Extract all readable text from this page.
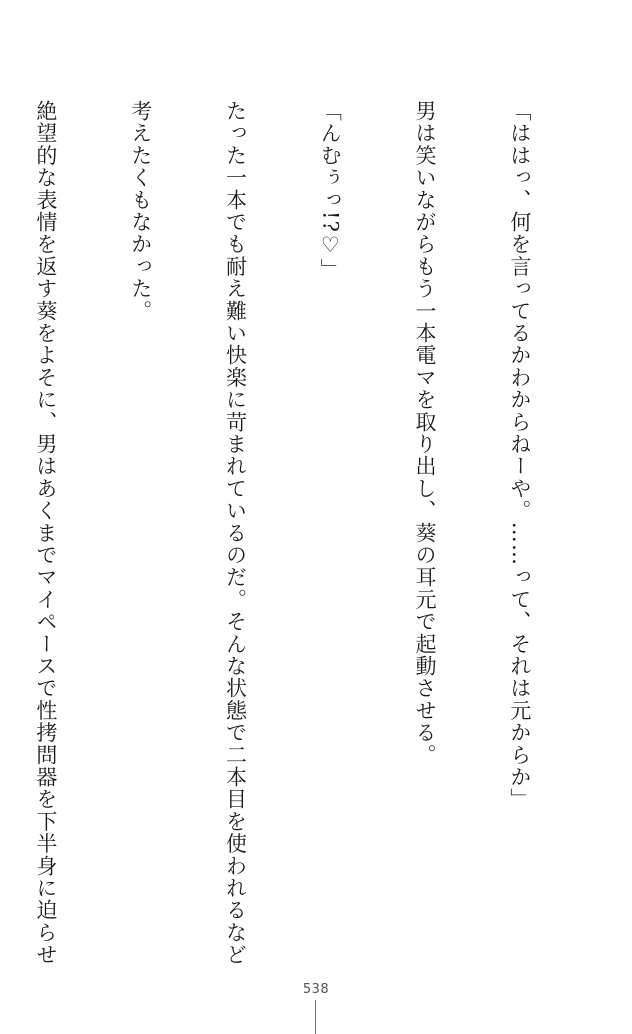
「ははっ、何を言ってるかわからねーや。……って、それは元からか」

男は笑いながらもう一本電マを取り出し、葵の耳元で起動させる。

「んむぅっ!?♡」

たった一本でも耐え難い快楽に苛まれているのだ。そんな状態で二本目を使われるなど

考えたくもなかった。

絶望的な表情を返す葵をよそに、男はあくまでマイペースで性拷問器を下半身に迫らせ

538
